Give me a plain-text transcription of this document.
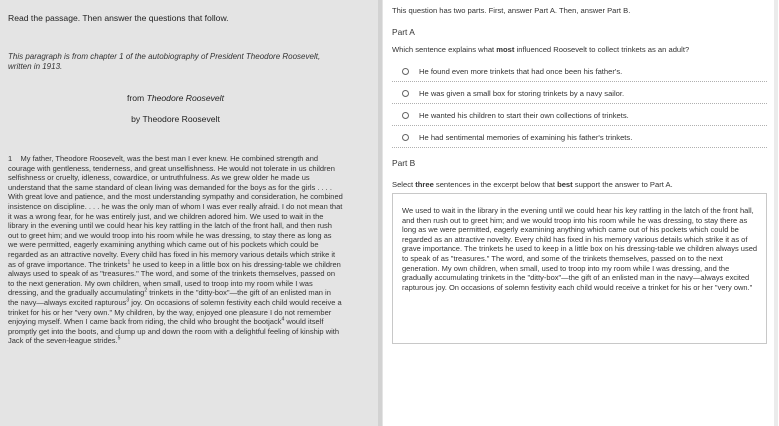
Read the passage. Then answer the questions that follow.

This paragraph is from chapter 1 of the autobiography of President Theodore Roosevelt, written in 1913.

from Theodore Roosevelt

by Theodore Roosevelt

1 My father, Theodore Roosevelt, was the best man I ever knew. He combined strength and courage with gentleness, tenderness, and great unselfishness. He would not tolerate in us children selfishness or cruelty, idleness, cowardice, or untruthfulness. As we grew older he made us understand that the same standard of clean living was demanded for the boys as for the girls . . . . With great love and patience, and the most understanding sympathy and consideration, he combined insistence on discipline. . . . he was the only man of whom I was ever really afraid. I do not mean that it was a wrong fear, for he was entirely just, and we children adored him. We used to wait in the library in the evening until we could hear his key rattling in the latch of the front hall, and then rush out to greet him; and we would troop into his room while he was dressing, to stay there as long as we were permitted, eagerly examining anything which came out of his pockets which could be regarded as an attractive novelty. Every child has fixed in his memory various details which strike it as of grave importance. The trinkets$^1$ he used to keep in a little box on his dressing-table we children always used to speak of as "treasures." The word, and some of the trinkets themselves, passed on to the next generation. My own children, when small, used to troop into my room while I was dressing, and the gradually accumulating$^2$ trinkets in the "ditty-box"—the gift of an enlisted man in the navy—always excited rapturous$^3$ joy. On occasions of solemn festivity each child would receive a trinket for his or her "very own." My children, by the way, enjoyed one pleasure I do not remember enjoying myself. When I came back from riding, the child who brought the bootjack$^4$ would itself promptly get into the boots, and clump up and down the room with a delightful feeling of kinship with Jack of the seven-league strides.$^5$

This question has two parts. First, answer Part A. Then, answer Part B.
Part A
Which sentence explains what most influenced Roosevelt to collect trinkets as an adult?
He found even more trinkets that had once been his father's.
He was given a small box for storing trinkets by a navy sailor.
He wanted his children to start their own collections of trinkets.
He had sentimental memories of examining his father's trinkets.
Part B
Select three sentences in the excerpt below that best support the answer to Part A.
We used to wait in the library in the evening until we could hear his key rattling in the latch of the front hall, and then rush out to greet him; and we would troop into his room while he was dressing, to stay there as long as we were permitted, eagerly examining anything which came out of his pockets which could be regarded as an attractive novelty. Every child has fixed in his memory various details which strike it as of grave importance. The trinkets he used to keep in a little box on his dressing-table we children always used to speak of as "treasures." The word, and some of the trinkets themselves, passed on to the next generation. My own children, when small, used to troop into my room while I was dressing, and the gradually accumulating trinkets in the "ditty-box"—the gift of an enlisted man in the navy—always excited rapturous joy. On occasions of solemn festivity each child would receive a trinket for his or her "very own."
